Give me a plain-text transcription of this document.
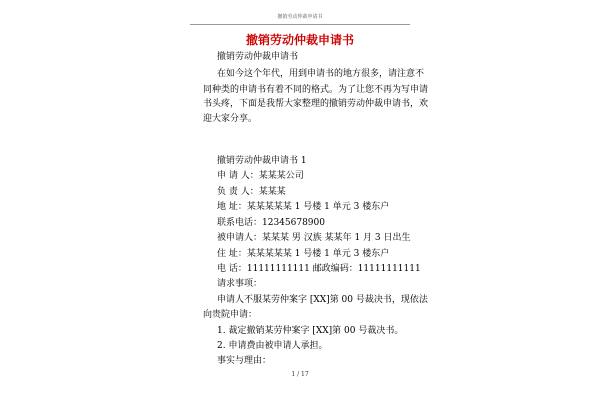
撤销劳动仲裁申请书
撤销劳动仲裁申请书
撤销劳动仲裁申请书
在如今这个年代，用到申请书的地方很多，请注意不
同种类的申请书有着不同的格式。为了让您不再为写申请
书头疼，下面是我帮大家整理的撤销劳动仲裁申请书，欢
迎大家分享。
撤销劳动仲裁申请书 1
申 请 人：某某某公司
负 责 人：某某某
地 址：某某某某某 1 号楼 1 单元 3 楼东户
联系电话：12345678900
被申请人：某某某 男 汉族 某某年 1 月 3 日出生
住 址：某某某某某 1 号楼 1 单元 3 楼东户
电 话：11111111111 邮政编码：11111111111
请求事项：
申请人不服某劳仲案字 [XX]第 00 号裁决书，现依法
向贵院申请：
1. 裁定撤销某劳仲案字 [XX]第 00 号裁决书。
2. 申请费由被申请人承担。
事实与理由：
1 / 17
